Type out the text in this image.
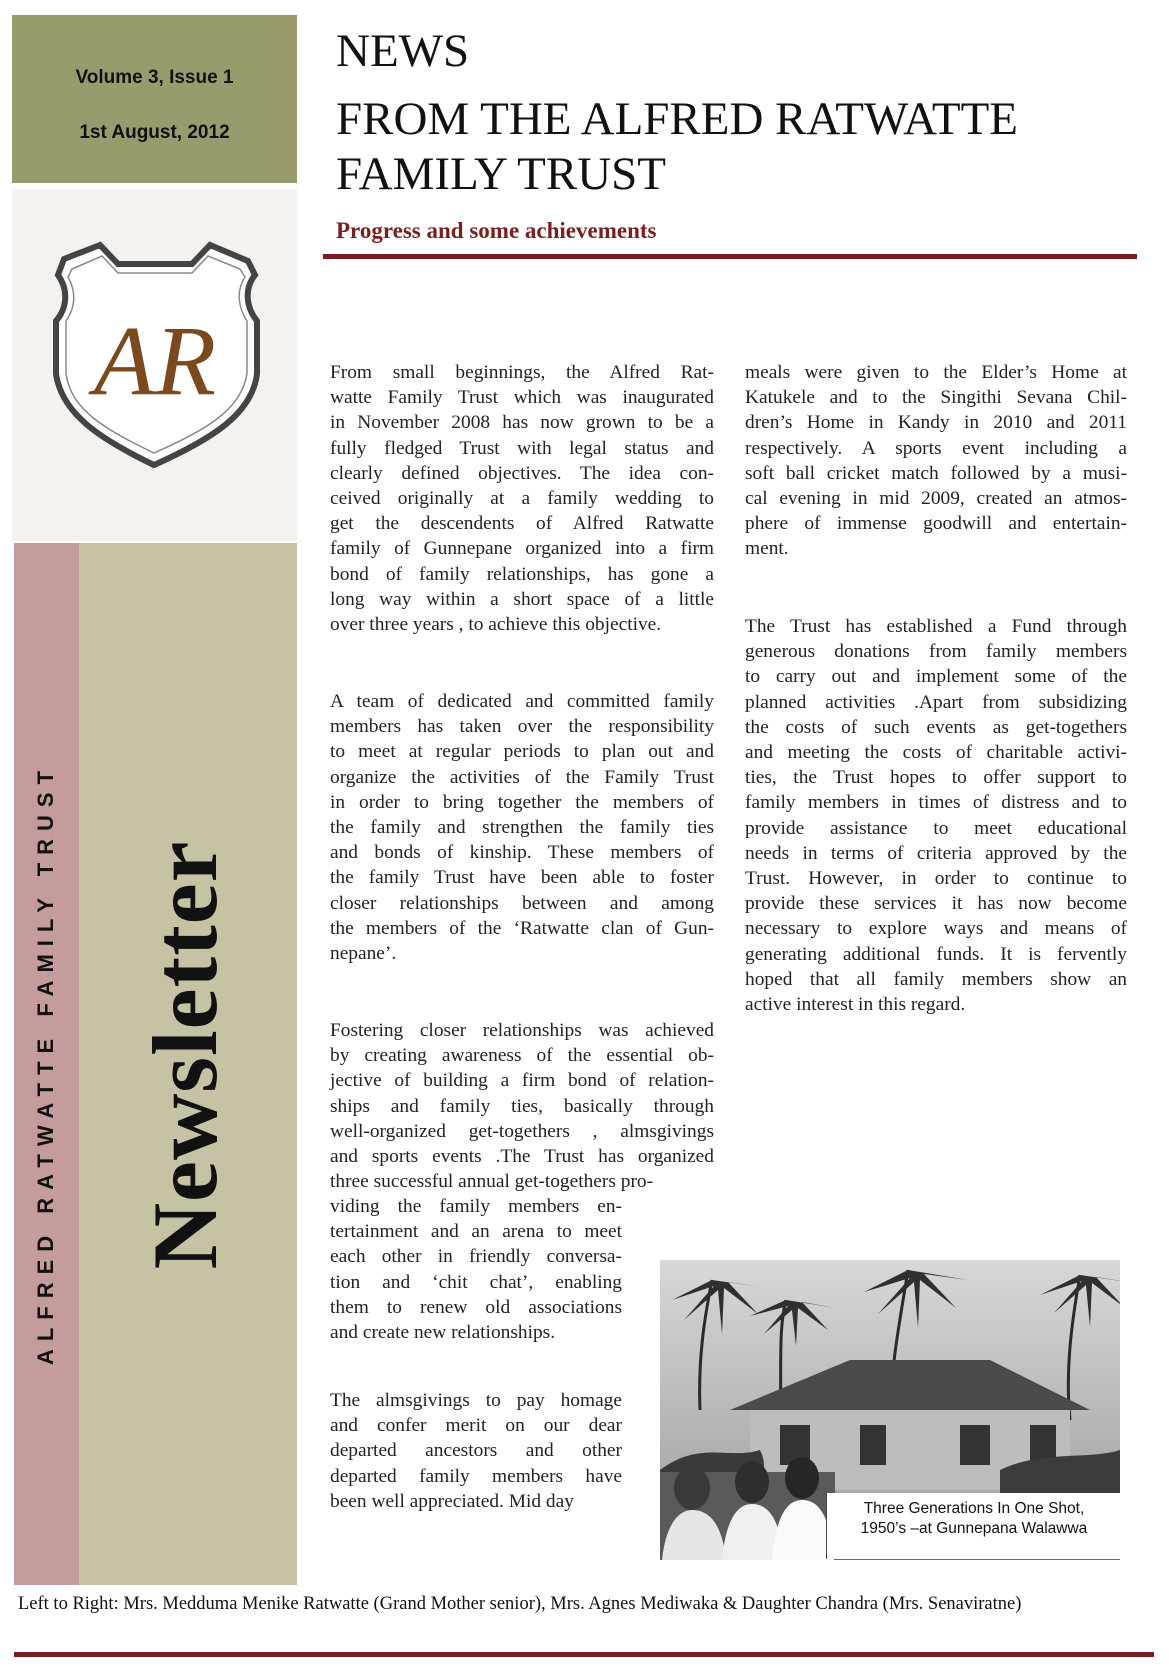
Volume 3, Issue 1
1st August, 2012
AR
ALFRED RATWATTE FAMILY TRUST Newsletter
NEWS
FROM THE ALFRED RATWATTE
FAMILY TRUST
Progress and some achievements
From small beginnings, the Alfred Rat-
watte Family Trust which was inaugurated
in November 2008 has now grown to be a
fully fledged Trust with legal status and
clearly defined objectives. The idea con-
ceived originally at a family wedding to
get the descendents of Alfred Ratwatte
family of Gunnepane organized into a firm
bond of family relationships, has gone a
long way within a short space of a little
over three years , to achieve this objective.
A team of dedicated and committed family
members has taken over the responsibility
to meet at regular periods to plan out and
organize the activities of the Family Trust
in order to bring together the members of
the family and strengthen the family ties
and bonds of kinship. These members of
the family Trust have been able to foster
closer relationships between and among
the members of the ‘Ratwatte clan of Gun-
nepane’.
Fostering closer relationships was achieved
by creating awareness of the essential ob-
jective of building a firm bond of relation-
ships and family ties, basically through
well-organized get-togethers , almsgivings
and sports events .The Trust has organized
three successful annual get-togethers pro-
viding the family members en-
tertainment and an arena to meet
each other in friendly conversa-
tion and ‘chit chat’, enabling
them to renew old associations
and create new relationships.
The almsgivings to pay homage
and confer merit on our dear
departed ancestors and other
departed family members have
been well appreciated. Mid day
meals were given to the Elder’s Home at
Katukele and to the Singithi Sevana Chil-
dren’s Home in Kandy in 2010 and 2011
respectively. A sports event including a
soft ball cricket match followed by a musi-
cal evening in mid 2009, created an atmos-
phere of immense goodwill and entertain-
ment.
The Trust has established a Fund through
generous donations from family members
to carry out and implement some of the
planned activities .Apart from subsidizing
the costs of such events as get-togethers
and meeting the costs of charitable activi-
ties, the Trust hopes to offer support to
family members in times of distress and to
provide assistance to meet educational
needs in terms of criteria approved by the
Trust. However, in order to continue to
provide these services it has now become
necessary to explore ways and means of
generating additional funds. It is fervently
hoped that all family members show an
active interest in this regard.
Three Generations In One Shot,
1950’s –at Gunnepana Walawwa
Left to Right: Mrs. Medduma Menike Ratwatte (Grand Mother senior), Mrs. Agnes Mediwaka & Daughter Chandra (Mrs. Senaviratne)
